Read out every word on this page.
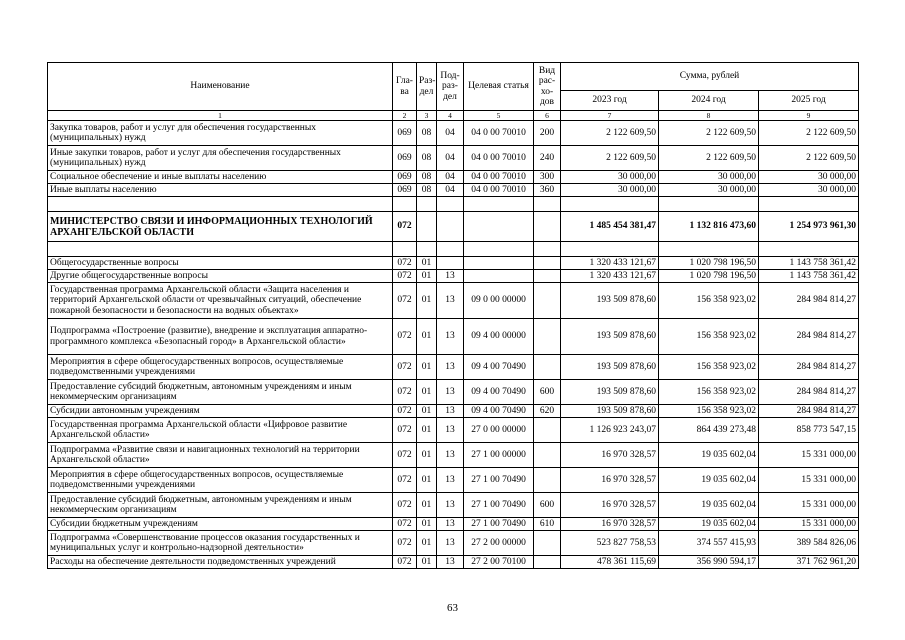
Наименование	Гла-ва	Раз-дел	Под-раз-дел	Целевая статья	Вид рас-хо-дов	Сумма, рублей		
						2023 год	2024 год	2025 год
1	2	3	4	5	6	7	8	9
Закупка товаров, работ и услуг для обеспечения государственных (муниципальных) нужд	069	08	04	04 0 00 70010	200	2 122 609,50	2 122 609,50	2 122 609,50
Иные закупки товаров, работ и услуг для обеспечения государственных (муниципальных) нужд	069	08	04	04 0 00 70010	240	2 122 609,50	2 122 609,50	2 122 609,50
Социальное обеспечение и иные выплаты населению	069	08	04	04 0 00 70010	300	30 000,00	30 000,00	30 000,00
Иные выплаты населению	069	08	04	04 0 00 70010	360	30 000,00	30 000,00	30 000,00

МИНИСТЕРСТВО СВЯЗИ И ИНФОРМАЦИОННЫХ ТЕХНОЛОГИЙ АРХАНГЕЛЬСКОЙ ОБЛАСТИ	072					1 485 454 381,47	1 132 816 473,60	1 254 973 961,30

Общегосударственные вопросы	072	01				1 320 433 121,67	1 020 798 196,50	1 143 758 361,42
Другие общегосударственные вопросы	072	01	13			1 320 433 121,67	1 020 798 196,50	1 143 758 361,42
Государственная программа Архангельской области «Защита населения и территорий Архангельской области от чрезвычайных ситуаций, обеспечение пожарной безопасности и безопасности на водных объектах»	072	01	13	09 0 00 00000		193 509 878,60	156 358 923,02	284 984 814,27
Подпрограмма «Построение (развитие), внедрение и эксплуатация аппаратно-программного комплекса «Безопасный город» в Архангельской области»	072	01	13	09 4 00 00000		193 509 878,60	156 358 923,02	284 984 814,27
Мероприятия в сфере общегосударственных вопросов, осуществляемые подведомственными учреждениями	072	01	13	09 4 00 70490		193 509 878,60	156 358 923,02	284 984 814,27
Предоставление субсидий бюджетным, автономным учреждениям и иным некоммерческим организациям	072	01	13	09 4 00 70490	600	193 509 878,60	156 358 923,02	284 984 814,27
Субсидии автономным учреждениям	072	01	13	09 4 00 70490	620	193 509 878,60	156 358 923,02	284 984 814,27
Государственная программа Архангельской области «Цифровое развитие Архангельской области»	072	01	13	27 0 00 00000		1 126 923 243,07	864 439 273,48	858 773 547,15
Подпрограмма «Развитие связи и навигационных технологий на территории Архангельской области»	072	01	13	27 1 00 00000		16 970 328,57	19 035 602,04	15 331 000,00
Мероприятия в сфере общегосударственных вопросов, осуществляемые подведомственными учреждениями	072	01	13	27 1 00 70490		16 970 328,57	19 035 602,04	15 331 000,00
Предоставление субсидий бюджетным, автономным учреждениям и иным некоммерческим организациям	072	01	13	27 1 00 70490	600	16 970 328,57	19 035 602,04	15 331 000,00
Субсидии бюджетным учреждениям	072	01	13	27 1 00 70490	610	16 970 328,57	19 035 602,04	15 331 000,00
Подпрограмма «Совершенствование процессов оказания государственных и муниципальных услуг и контрольно-надзорной деятельности»	072	01	13	27 2 00 00000		523 827 758,53	374 557 415,93	389 584 826,06
Расходы на обеспечение деятельности подведомственных учреждений	072	01	13	27 2 00 70100		478 361 115,69	356 990 594,17	371 762 961,20
63
